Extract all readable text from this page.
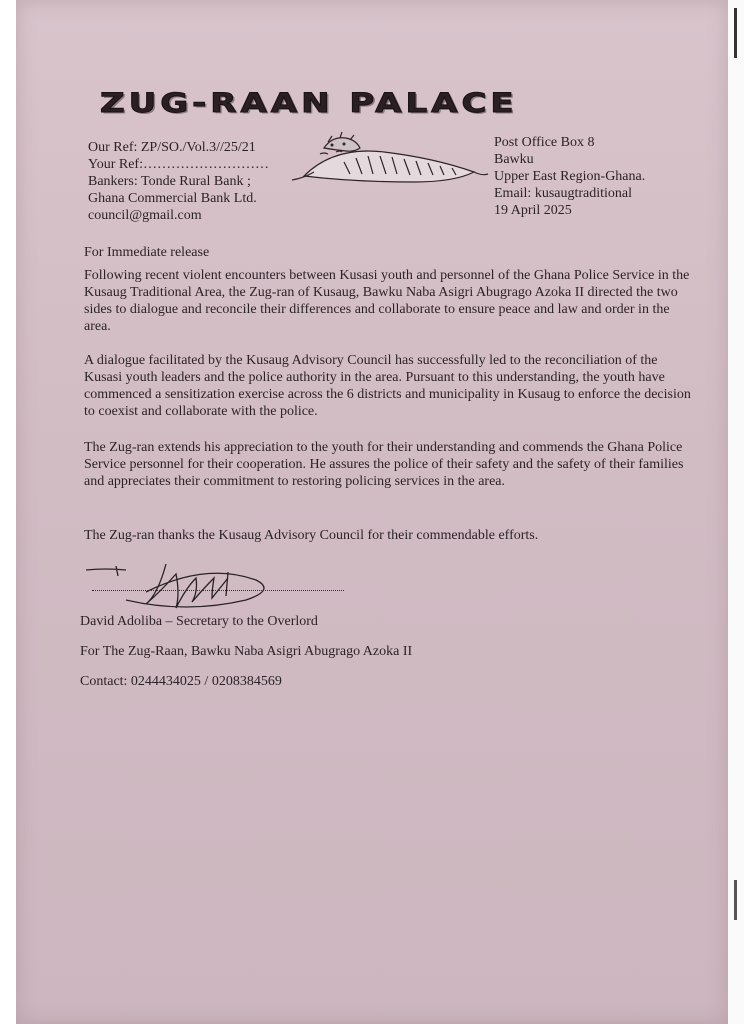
ZUG-RAAN PALACE
Our Ref: ZP/SO./Vol.3//25/21
Your Ref:………………………
Bankers: Tonde Rural Bank ;
Ghana Commercial Bank Ltd.
council@gmail.com
Post Office Box 8
Bawku
Upper East Region-Ghana.
Email: kusaugtraditional
19 April 2025
For Immediate release
Following recent violent encounters between Kusasi youth and personnel of the Ghana Police Service in the Kusaug Traditional Area, the Zug-ran of Kusaug, Bawku Naba Asigri Abugrago Azoka II directed the two sides to dialogue and reconcile their differences and collaborate to ensure peace and law and order in the area.
A dialogue facilitated by the Kusaug Advisory Council has successfully led to the reconciliation of the Kusasi youth leaders and the police authority in the area. Pursuant to this understanding, the youth have commenced a sensitization exercise across the 6 districts and municipality in Kusaug to enforce the decision to coexist and collaborate with the police.
The Zug-ran extends his appreciation to the youth for their understanding and commends the Ghana Police Service personnel for their cooperation. He assures the police of their safety and the safety of their families and appreciates their commitment to restoring policing services in the area.
The Zug-ran thanks the Kusaug Advisory Council for their commendable efforts.
David Adoliba – Secretary to the Overlord
For The Zug-Raan, Bawku Naba Asigri Abugrago Azoka II
Contact: 0244434025 / 0208384569
